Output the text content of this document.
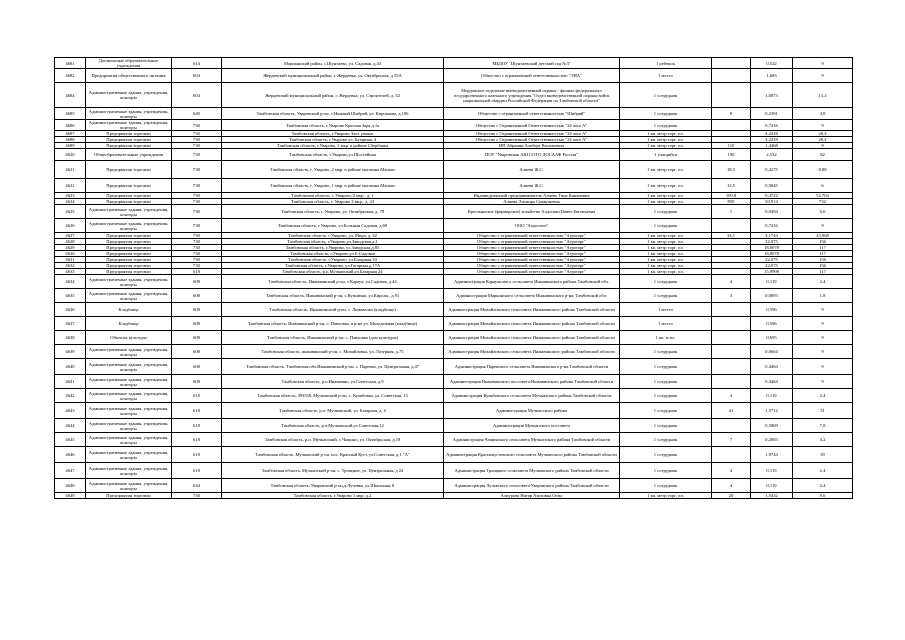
4681	Дошкольные образовательные учреждения	614	Моршанский район, с.Шунтаево, ул. Садовая, д.43	МБДОУ "Шунтаевский детский сад №3"	1 ребенок		0,522	9
4682	Предприятия общественного питания	604	Жердевский муниципальный район, г. Жердевка, ул. Октябрьская, д 55А	Общество с ограниченной ответственностью "ЭНА"	1 место		1,683	9
4684	Административные здания, учреждения, конторы	604	Жердевский муниципальный район, г. Жердевка, ул. Строителей, д. 32	Мордовское отделение вневедомственной охраны - филиал федерального государственного казенного учреждения "Отдел вневедомственной охраны войск национальной гвардии Российской Федерации по Тамбовской области"	1 сотрудник		1,0873	13,2
4685	Административные здания, учреждения, конторы	640	Тамбовская область, Уваровский р-он, с.Нижний Шибряй, ул. Кирсанова, д.106	Общество с ограниченной ответственностью "Шибряй"	1 сотрудник	8	0,2381	4,8
4686	Административные здания, учреждения, конторы	730	Тамбовская область, г.Уварово Красная Заря д.1а	Общество с Ограниченной Ответственностью "24 часа А"	1 сотрудник		0,7416	9
4687	Предприятия торговли	730	Тамбовская область, г.Уварово Заоз. рынок	Общество с Ограниченной Ответственностью "24 часа А"	1 кв. метр торг. пл.		4,2418	26,4
4688	Предприятия торговли	730	Тамбовская область, г.Уварово ул. Базарная, 4	Общество с Ограниченной Ответственностью "24 часа А"	1 кв. метр торг. пл.		4,2418	26,4
4689	Предприятия торговли	730	Тамбовская область, г.Уварово, 1 мкр. в районе Сбербанка	ИП Абрамян Альберт Васильевич	1 кв. метр торг. пл.	110	1,4468	9
4620	Общеобразовательные учреждения	730	Тамбовская область, г.Уварово,ул.Шоссейная	ПОУ "Уваровская АШ СОТО ДОСААФ России"	1 учащийся	100	2,532	82
4621	Предприятия торговли	730	Тамбовская область, г. Уварово, 2 мкр. в районе магазина Магнит	Алиева Ж.С.	1 кв. метр торг. пл.	18,5	0,4275	8,88
4622	Предприятия торговли	730	Тамбовская область, г. Уварово, 1 мкр. в районе магазина Магнит	Алиева Ж.С.	1 кв. метр торг. пл.	12,5	0,9045	6
4623	Предприятия торговли	730	Тамбовская область, г. Уварово, 2 мкр., д. 1	Индивидуальный предприниматель Алиева Тина Кязимовна	1 кв. метр торг. пл.	109,8	0,4722	52,704
4624	Предприятия торговли	730	Тамбовская область, г. Уварово 3 мкр., д. 23	Алиева Эльмира Сиявушевна	1 кв. метр торг. пл.	850	50,914	732
4625	Административные здания, учреждения, конторы	730	Тамбовская область, г. Уварово, ул. Октябрьская, д. 78	Крестьянское (фермерское) хозяйство Алдошин Павел Евгеньевич	1 сотрудник	1	0,0494	0,6
4626	Административные здания, учреждения, конторы	730	Тамбовская область, г.Уварово, ул.Большая Садовая, д.69	ООО "Агросоюз"	1 сотрудник		0,7416	9
4627	Предприятия торговли	730	Тамбовская область, г.Уварово, ул. Мира, д. 42	Общество с ограниченной ответственностью "Агроторг"	1 кв. метр торг. пл.	34,1	4,1744	25,968
4628	Предприятия торговли	730	Тамбовская область, г.Уварово,ул.Заводская,д.1	Общество с ограниченной ответственностью "Агроторг"	1 кв. метр торг. пл.		22,075	156
4629	Предприятия торговли	730	Тамбовская область, г.Уварово, ул.Заводская,д.85	Общество с ограниченной ответственностью "Агроторг"	1 кв. метр торг. пл.		18,8078	117
4630	Предприятия торговли	730	Тамбовская область, г.Уварово,ул.Б-Садовая	Общество с ограниченной ответственностью "Агроторг"	1 кв. метр торг. пл.		18,8078	117
4631	Предприятия торговли	730	Тамбовская область, г.Уварово, ул.Базарная,34	Общество с ограниченной ответственностью "Агроторг"	1 кв. метр торг. пл.		22,075	156
4632	Предприятия торговли	730	Тамбовская область, г.Уварово, ул.Гагарина,д.17А	Общество с ограниченной ответственностью "Агроторг"	1 кв. метр торг. пл.		22,075	156
4633	Предприятия торговли	618	Тамбовская область, р.п.Мучкапский,ул.Базарная 24	Общество с ограниченной ответственностью "Агроторг"	1 кв. метр торг. пл.		15,9998	117
4634	Административные здания, учреждения, конторы	608	Тамбовская область, Инжавинский р-он, с.Караул, ул.Садовая, д.44	Администрация Караульского сельсовета Инжавинского района Тамбовской обл.	1 сотрудник	4	0,119	2,4
4635	Административные здания, учреждения, конторы	608	Тамбовская область, Инжавинский р-он, с.Кузьмино, ул.Кирсан., д.91	Администрация Марьинского сельсовета Инжавинского р-на, Тамбовской обл.	1 сотрудник	3	0,0893	1,8
4636	Кладбища	608	Тамбовская область, Инжавинский р-он, с. Ломовалка (кладбище)	Администрация Михайловского сельсовета Инжавинского района Тамбовской области	1 место		0,596	9
4637	Кладбища	608	Тамбовская область, Инжавинский р-он, с. Павловка, в р-не ул. Молодежная (кладбище)	Администрация Михайловского сельсовета Инжавинского района Тамбовской области	1 место		0,596	9
4638	Объекты культуры	608	Тамбовская область, Инжавинский р-он, с. Павловка (дом культуры)	Администрация Михайловского сельсовета Инжавинского района Тамбовской области	1 кв. м.пл.		0,695	9
4639	Административные здания, учреждения, конторы	608	Тамбовская область, инжавинский р-он, с. Михайловка, ул. Лазурная, д.75	Администрация Михайловского сельсовета Инжавинского района Тамбовской области	1 сотрудник		0,0664	9
4640	Административные здания, учреждения, конторы	608	Тамбовская область, Тамбовская обл.Инжавинский р-он, с. Паревка, ул. Центральная, д.47	Администрация Паревского сельсовета Инжавинского р-на Тамбовской области	1 сотрудник		0,4464	9
4641	Административные здания, учреждения, конторы	608	Тамбовская область, р.п.Инжавино, ул.Советская, д.9	Администрация Инжавинского поссовета Инжавинского района Тамбовской области	1 сотрудник		0,4464	9
4642	Административные здания, учреждения, конторы	618	Тамбовская область, 393558, Мучкапский р-он, с. Кулябовка, ул. Советская, 13	Администрация Кулябовского сельсовета Мучкапского района Тамбовской области	1 сотрудник	4	0,119	2,4
4643	Административные здания, учреждения, конторы	618	Тамбовская область, р.п. Мучкапский, ул. Базарная, д. 6	Администрация Мучкапского района	1 сотрудник	41	1,5712	31
4644	Административные здания, учреждения, конторы	618	Тамбовская область, р.п.Мучкапский,ул.Советская,12	Администрация Мучкапского поссовета	1 сотрудник		0,5869	7,8
4645	Административные здания, учреждения, конторы	618	Тамбовская область, р.п. Мучкапский, с.Чащино, ул. Октябрьская, д.18	Администрация Чащинского сельсовета Мучкапского района Тамбовской области	1 сотрудник	7	0,2083	4,2
4646	Административные здания, учреждения, конторы	618	Тамбовская область, Мучкапский р-он, пос. Красный Куст, ул.Советская, д.1 "А"	Администрация Краснокустовского сельсовета Мучкапского района Тамбовской области	1 сотрудник		1,9744	39
4647	Административные здания, учреждения, конторы	618	Тамбовская область, Мучкапский р-он, с. Троицкое, ул. Центральная, д 24	Администрация Троицкого сельсовета Мучкапского района Тамбовской области	1 сотрудник	4	0,119	2,4
4648	Административные здания, учреждения, конторы	644	Тамбовская область, Уваровский р-он,д.Лучевка, ул.Школьная, 8	Администрация Лучевского сельсовета Уваровского района Тамбовской области	1 сотрудник	4	0,119	2,4
4649	Предприятия торговли	730	Тамбовская область, г.Уварово 1 мкр. д.2	Азмурова Нигяр Азизовна Оглы	1 кв. метр торг. пл.	20	1,5432	9,6
